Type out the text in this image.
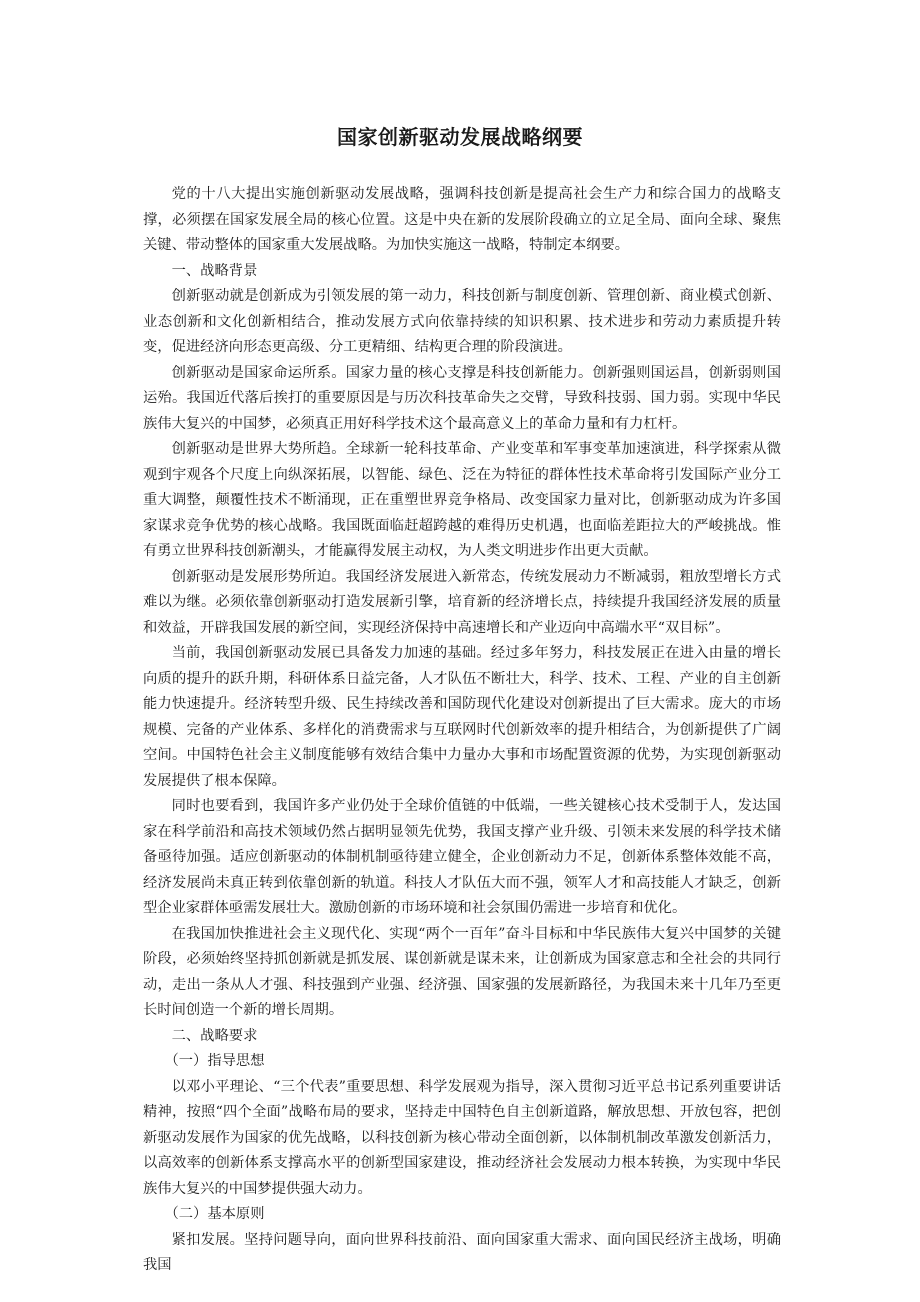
国家创新驱动发展战略纲要

党的十八大提出实施创新驱动发展战略，强调科技创新是提高社会生产力和综合国力的战略支撑，必须摆在国家发展全局的核心位置。这是中央在新的发展阶段确立的立足全局、面向全球、聚焦关键、带动整体的国家重大发展战略。为加快实施这一战略，特制定本纲要。

一、战略背景

创新驱动就是创新成为引领发展的第一动力，科技创新与制度创新、管理创新、商业模式创新、业态创新和文化创新相结合，推动发展方式向依靠持续的知识积累、技术进步和劳动力素质提升转变，促进经济向形态更高级、分工更精细、结构更合理的阶段演进。

创新驱动是国家命运所系。国家力量的核心支撑是科技创新能力。创新强则国运昌，创新弱则国运殆。我国近代落后挨打的重要原因是与历次科技革命失之交臂，导致科技弱、国力弱。实现中华民族伟大复兴的中国梦，必须真正用好科学技术这个最高意义上的革命力量和有力杠杆。

创新驱动是世界大势所趋。全球新一轮科技革命、产业变革和军事变革加速演进，科学探索从微观到宇观各个尺度上向纵深拓展，以智能、绿色、泛在为特征的群体性技术革命将引发国际产业分工重大调整，颠覆性技术不断涌现，正在重塑世界竞争格局、改变国家力量对比，创新驱动成为许多国家谋求竞争优势的核心战略。我国既面临赶超跨越的难得历史机遇，也面临差距拉大的严峻挑战。惟有勇立世界科技创新潮头，才能赢得发展主动权，为人类文明进步作出更大贡献。

创新驱动是发展形势所迫。我国经济发展进入新常态，传统发展动力不断减弱，粗放型增长方式难以为继。必须依靠创新驱动打造发展新引擎，培育新的经济增长点，持续提升我国经济发展的质量和效益，开辟我国发展的新空间，实现经济保持中高速增长和产业迈向中高端水平“双目标”。

当前，我国创新驱动发展已具备发力加速的基础。经过多年努力，科技发展正在进入由量的增长向质的提升的跃升期，科研体系日益完备，人才队伍不断壮大，科学、技术、工程、产业的自主创新能力快速提升。经济转型升级、民生持续改善和国防现代化建设对创新提出了巨大需求。庞大的市场规模、完备的产业体系、多样化的消费需求与互联网时代创新效率的提升相结合，为创新提供了广阔空间。中国特色社会主义制度能够有效结合集中力量办大事和市场配置资源的优势，为实现创新驱动发展提供了根本保障。

同时也要看到，我国许多产业仍处于全球价值链的中低端，一些关键核心技术受制于人，发达国家在科学前沿和高技术领域仍然占据明显领先优势，我国支撑产业升级、引领未来发展的科学技术储备亟待加强。适应创新驱动的体制机制亟待建立健全，企业创新动力不足，创新体系整体效能不高，经济发展尚未真正转到依靠创新的轨道。科技人才队伍大而不强，领军人才和高技能人才缺乏，创新型企业家群体亟需发展壮大。激励创新的市场环境和社会氛围仍需进一步培育和优化。

在我国加快推进社会主义现代化、实现“两个一百年”奋斗目标和中华民族伟大复兴中国梦的关键阶段，必须始终坚持抓创新就是抓发展、谋创新就是谋未来，让创新成为国家意志和全社会的共同行动，走出一条从人才强、科技强到产业强、经济强、国家强的发展新路径，为我国未来十几年乃至更长时间创造一个新的增长周期。

二、战略要求

（一）指导思想

以邓小平理论、“三个代表”重要思想、科学发展观为指导，深入贯彻习近平总书记系列重要讲话精神，按照“四个全面”战略布局的要求，坚持走中国特色自主创新道路，解放思想、开放包容，把创新驱动发展作为国家的优先战略，以科技创新为核心带动全面创新，以体制机制改革激发创新活力，以高效率的创新体系支撑高水平的创新型国家建设，推动经济社会发展动力根本转换，为实现中华民族伟大复兴的中国梦提供强大动力。

（二）基本原则

紧扣发展。坚持问题导向，面向世界科技前沿、面向国家重大需求、面向国民经济主战场，明确我国
